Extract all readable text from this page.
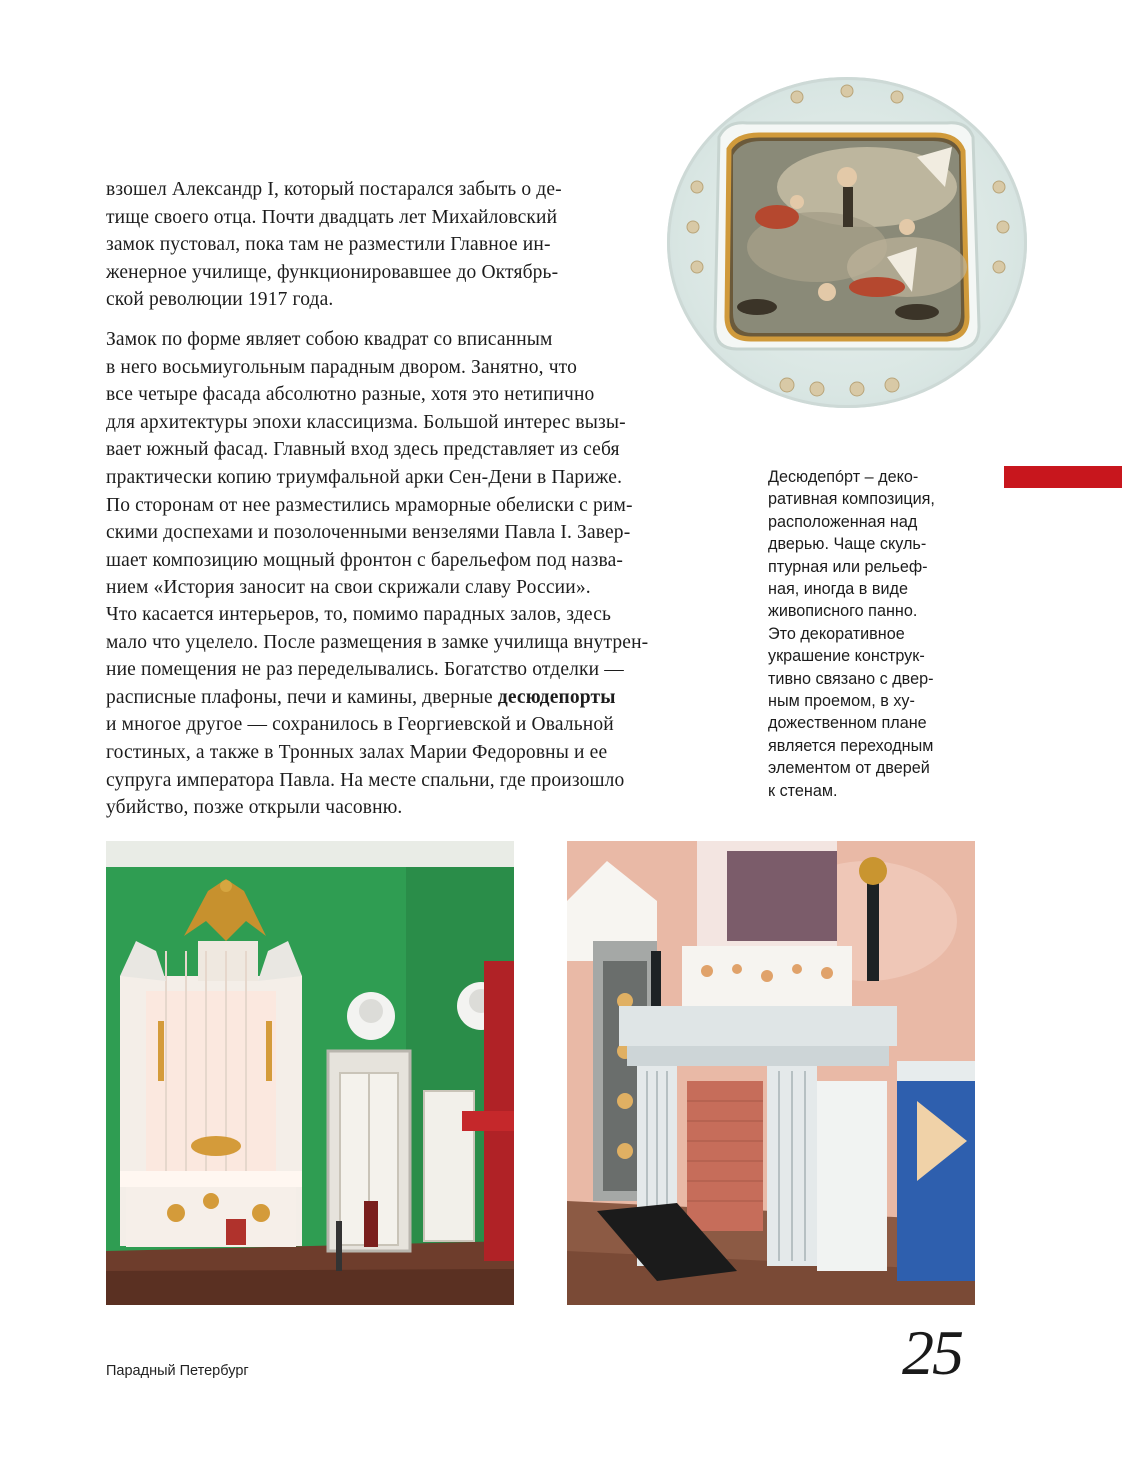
взошел Александр I, который постарался забыть о де-
тище своего отца. Почти двадцать лет Михайловский
замок пустовал, пока там не разместили Главное ин-
женерное училище, функционировавшее до Октябрь-
ской революции 1917 года.
Замок по форме являет собою квадрат со вписанным
в него восьмиугольным парадным двором. Занятно, что
все четыре фасада абсолютно разные, хотя это нетипично
для архитектуры эпохи классицизма. Большой интерес вызы-
вает южный фасад. Главный вход здесь представляет из себя
практически копию триумфальной арки Сен-Дени в Париже.
По сторонам от нее разместились мраморные обелиски с рим-
скими доспехами и позолоченными вензелями Павла I. Завер-
шает композицию мощный фронтон с барельефом под назва-
нием «История заносит на свои скрижали славу России».
Что касается интерьеров, то, помимо парадных залов, здесь
мало что уцелело. После размещения в замке училища внутрен-
ние помещения не раз переделывались. Богатство отделки —
расписные плафоны, печи и камины, дверные десюдепорты
и многое другое — сохранилось в Георгиевской и Овальной
гостиных, а также в Тронных залах Марии Федоровны и ее
супруга императора Павла. На месте спальни, где произошло
убийство, позже открыли часовню.
Десюдепóрт – деко-
ративная композиция,
расположенная над
дверью. Чаще скуль-
птурная или рельеф-
ная, иногда в виде
живописного панно.
Это декоративное
украшение конструк-
тивно связано с двер-
ным проемом, в ху-
дожественном плане
является переходным
элементом от дверей
к стенам.
Парадный Петербург	25
